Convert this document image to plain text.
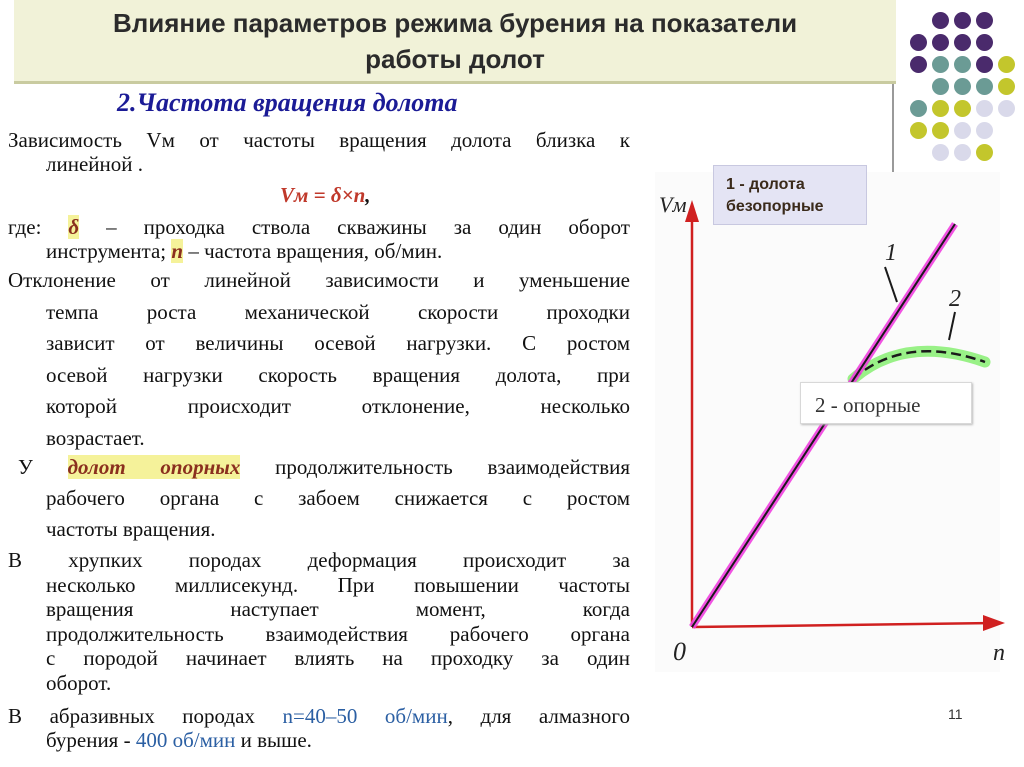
Влияние параметров режима бурения на показатели
работы долот
2.Частота вращения долота
Зависимость Vм от частоты вращения долота близка к
линейной .
Vм = δ×n,
где: δ – проходка ствола скважины за один оборот
инструмента; n – частота вращения, об/мин.
Отклонение от линейной зависимости и уменьшение
темпа роста механической скорости проходки
зависит от величины осевой нагрузки. С ростом
осевой нагрузки скорость вращения долота, при
которой происходит отклонение, несколько
возрастает.
У долот опорных продолжительность взаимодействия
рабочего органа с забоем снижается с ростом
частоты вращения.
В хрупких породах деформация происходит за
несколько миллисекунд. При повышении частоты
вращения наступает момент, когда
продолжительность взаимодействия рабочего органа
с породой начинает влиять на проходку за один
оборот.
В абразивных породах n=40–50 об/мин, для алмазного
бурения - 400 об/мин и выше.
Vм
0	n
1
2
1 - долота
безопорные
2 - опорные
11
